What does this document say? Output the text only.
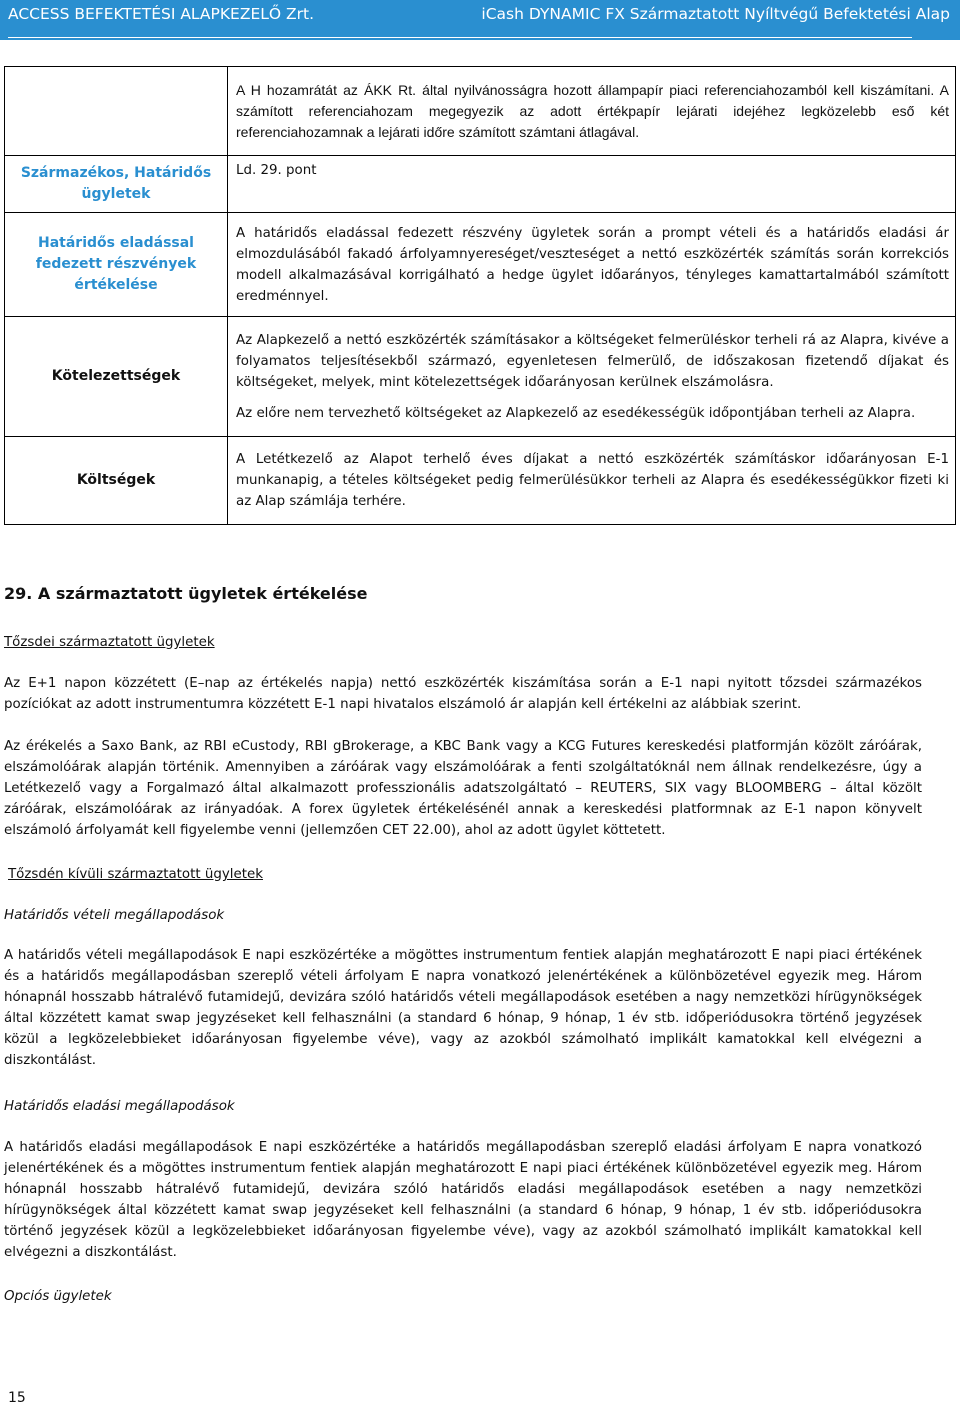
ACCESS BEFEKTETÉSI ALAPKEZELŐ Zrt.	iCash DYNAMIC FX Származtatott Nyíltvégű Befektetési Alap

	A H hozamrátát az ÁKK Rt. által nyilvánosságra hozott állampapír piaci referenciahozamból kell kiszámítani. A számított referenciahozam megegyezik az adott értékpapír lejárati idejéhez legközelebb eső két referenciahozamnak a lejárati időre számított számtani átlagával.

Származékos, Határidős ügyletek	Ld. 29. pont

Határidős eladással fedezett részvények értékelése	A határidős eladással fedezett részvény ügyletek során a prompt vételi és a határidős eladási ár elmozdulásából fakadó árfolyamnyereséget/veszteséget a nettó eszközérték számítás során korrekciós modell alkalmazásával korrigálható a hedge ügylet időarányos, tényleges kamattartalmából számított eredménnyel.

Kötelezettségek	Az Alapkezelő a nettó eszközérték számításakor a költségeket felmerüléskor terheli rá az Alapra, kivéve a folyamatos teljesítésekből származó, egyenletesen felmerülő, de időszakosan fizetendő díjakat és költségeket, melyek, mint kötelezettségek időarányosan kerülnek elszámolásra.

Az előre nem tervezhető költségeket az Alapkezelő az esedékességük időpontjában terheli az Alapra.

Költségek	A Letétkezelő az Alapot terhelő éves díjakat a nettó eszközérték számításkor időarányosan E-1 munkanapig, a tételes költségeket pedig felmerülésükkor terheli az Alapra és esedékességükkor fizeti ki az Alap számlája terhére.

29. A származtatott ügyletek értékelése
Tőzsdei származtatott ügyletek
Az E+1 napon közzétett (E–nap az értékelés napja) nettó eszközérték kiszámítása során a E-1 napi nyitott tőzsdei származékos pozíciókat az adott instrumentumra közzétett E-1 napi hivatalos elszámoló ár alapján kell értékelni az alábbiak szerint.
Az érékelés a Saxo Bank, az RBI eCustody, RBI gBrokerage, a KBC Bank vagy a KCG Futures kereskedési platformján közölt záróárak, elszámolóárak alapján történik. Amennyiben a záróárak vagy elszámolóárak a fenti szolgáltatóknál nem állnak rendelkezésre, úgy a Letétkezelő vagy a Forgalmazó által alkalmazott professzionális adatszolgáltató – REUTERS, SIX vagy BLOOMBERG – által közölt záróárak, elszámolóárak az irányadóak. A forex ügyletek értékelésénél annak a kereskedési platformnak az E-1 napon könyvelt elszámoló árfolyamát kell figyelembe venni (jellemzően CET 22.00), ahol az adott ügylet köttetett.
Tőzsdén kívüli származtatott ügyletek
Határidős vételi megállapodások
A határidős vételi megállapodások E napi eszközértéke a mögöttes instrumentum fentiek alapján meghatározott E napi piaci értékének és a határidős megállapodásban szereplő vételi árfolyam E napra vonatkozó jelenértékének a különbözetével egyezik meg. Három hónapnál hosszabb hátralévő futamidejű, devizára szóló határidős vételi megállapodások esetében a nagy nemzetközi hírügynökségek által közzétett kamat swap jegyzéseket kell felhasználni (a standard 6 hónap, 9 hónap, 1 év stb. időperiódusokra történő jegyzések közül a legközelebbieket időarányosan figyelembe véve), vagy az azokból számolható implikált kamatokkal kell elvégezni a diszkontálást.
Határidős eladási megállapodások
A határidős eladási megállapodások E napi eszközértéke a határidős megállapodásban szereplő eladási árfolyam E napra vonatkozó jelenértékének és a mögöttes instrumentum fentiek alapján meghatározott E napi piaci értékének különbözetével egyezik meg. Három hónapnál hosszabb hátralévő futamidejű, devizára szóló határidős eladási megállapodások esetében a nagy nemzetközi hírügynökségek által közzétett kamat swap jegyzéseket kell felhasználni (a standard 6 hónap, 9 hónap, 1 év stb. időperiódusokra történő jegyzések közül a legközelebbieket időarányosan figyelembe véve), vagy az azokból számolható implikált kamatokkal kell elvégezni a diszkontálást.
Opciós ügyletek
15
